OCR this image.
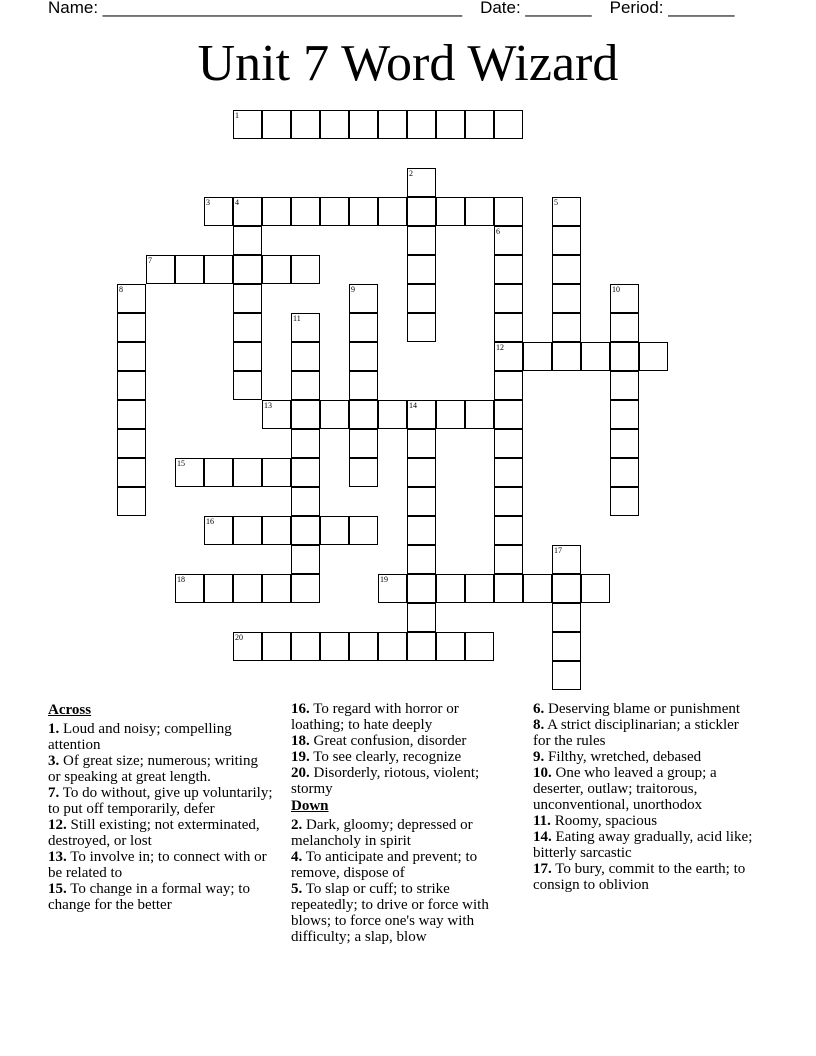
Name: ______________________________________ Date: _______ Period: _______
Unit 7 Word Wizard
1
2
3	4	5
6
12
7
8	9	10
11
13	14
15
16
17
18	19
20
Across

1. Loud and noisy; compelling attention

3. Of great size; numerous; writing or speaking at great length.

7. To do without, give up voluntarily; to put off temporarily, defer

12. Still existing; not exterminated, destroyed, or lost

13. To involve in; to connect with or be related to

15. To change in a formal way; to change for the better

16. To regard with horror or loathing; to hate deeply

18. Great confusion, disorder

19. To see clearly, recognize

20. Disorderly, riotous, violent; stormy

Down

2. Dark, gloomy; depressed or melancholy in spirit

4. To anticipate and prevent; to remove, dispose of

5. To slap or cuff; to strike repeatedly; to drive or force with blows; to force one's way with difficulty; a slap, blow

6. Deserving blame or punishment

8. A strict disciplinarian; a stickler for the rules

9. Filthy, wretched, debased

10. One who leaved a group; a deserter, outlaw; traitorous, unconventional, unorthodox

11. Roomy, spacious

14. Eating away gradually, acid like; bitterly sarcastic

17. To bury, commit to the earth; to consign to oblivion
